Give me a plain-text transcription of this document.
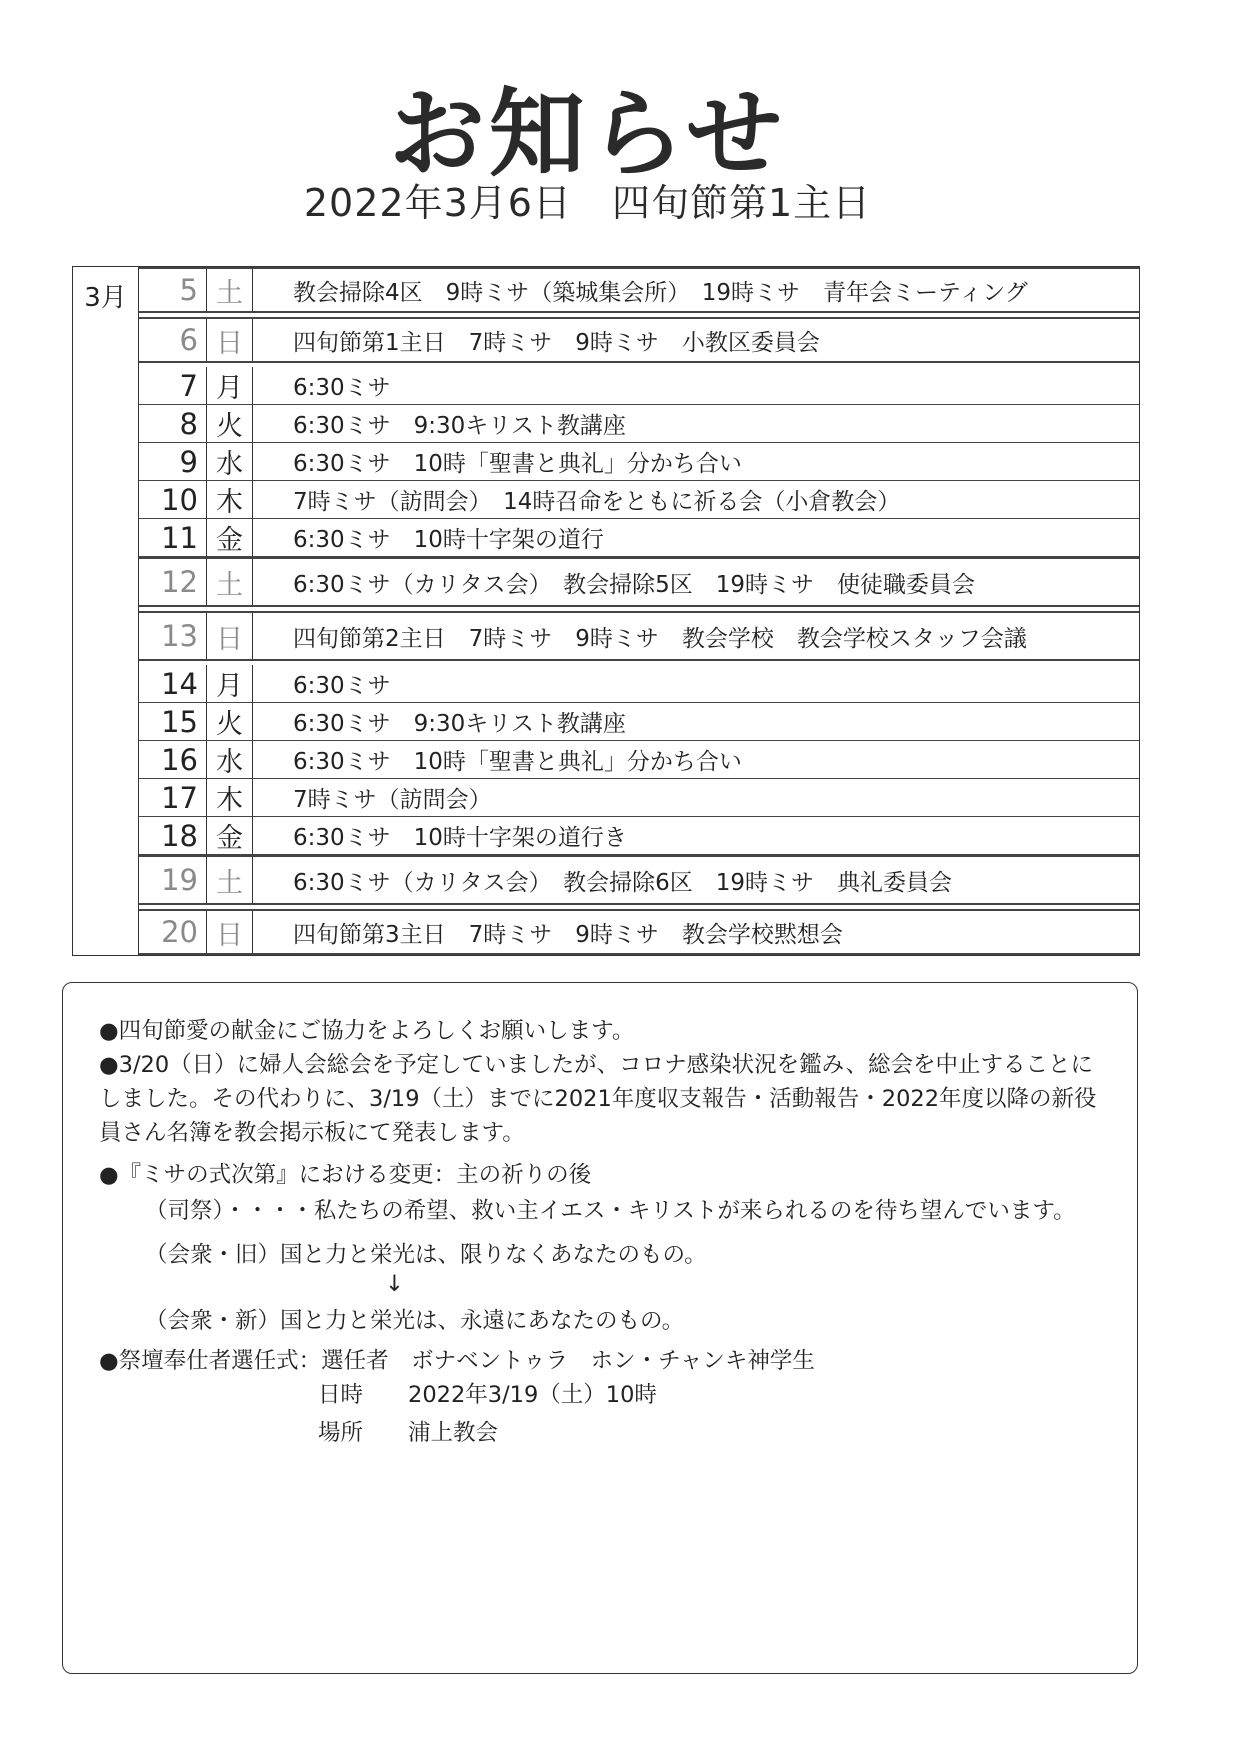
お知らせ
2022年3月6日 四旬節第1主日
3月	5 土	教会掃除4区　9時ミサ（築城集会所）　19時ミサ　青年会ミーティング
6 日	四旬節第1主日　7時ミサ　9時ミサ　小教区委員会
7 月	6:30ミサ
8 火	6:30ミサ　9:30キリスト教講座
9 水	6:30ミサ　10時「聖書と典礼」分かち合い
10 木	7時ミサ（訪問会）　14時召命をともに祈る会（小倉教会）
11 金	6:30ミサ　10時十字架の道行
12 土	6:30ミサ（カリタス会）　教会掃除5区　19時ミサ　使徒職委員会
13 日	四旬節第2主日　7時ミサ　9時ミサ　教会学校　教会学校スタッフ会議
14 月	6:30ミサ
15 火	6:30ミサ　9:30キリスト教講座
16 水	6:30ミサ　10時「聖書と典礼」分かち合い
17 木	7時ミサ（訪問会）
18 金	6:30ミサ　10時十字架の道行き
19 土	6:30ミサ（カリタス会）　教会掃除6区　19時ミサ　典礼委員会
20 日	四旬節第3主日　7時ミサ　9時ミサ　教会学校黙想会
●四旬節愛の献金にご協力をよろしくお願いします。
●3/20（日）に婦人会総会を予定していましたが、コロナ感染状況を鑑み、総会を中止することに
しました。その代わりに、3/19（土）までに2021年度収支報告・活動報告・2022年度以降の新役
員さん名簿を教会掲示板にて発表します。
●『ミサの式次第』における変更：主の祈りの後
（司祭）・・・・私たちの希望、救い主イエス・キリストが来られるのを待ち望んでいます。
（会衆・旧）国と力と栄光は、限りなくあなたのもの。
↓
（会衆・新）国と力と栄光は、永遠にあなたのもの。
●祭壇奉仕者選任式：選任者　ボナベントゥラ　ホン・チャンキ神学生
日時　　2022年3/19（土）10時
場所　　浦上教会
